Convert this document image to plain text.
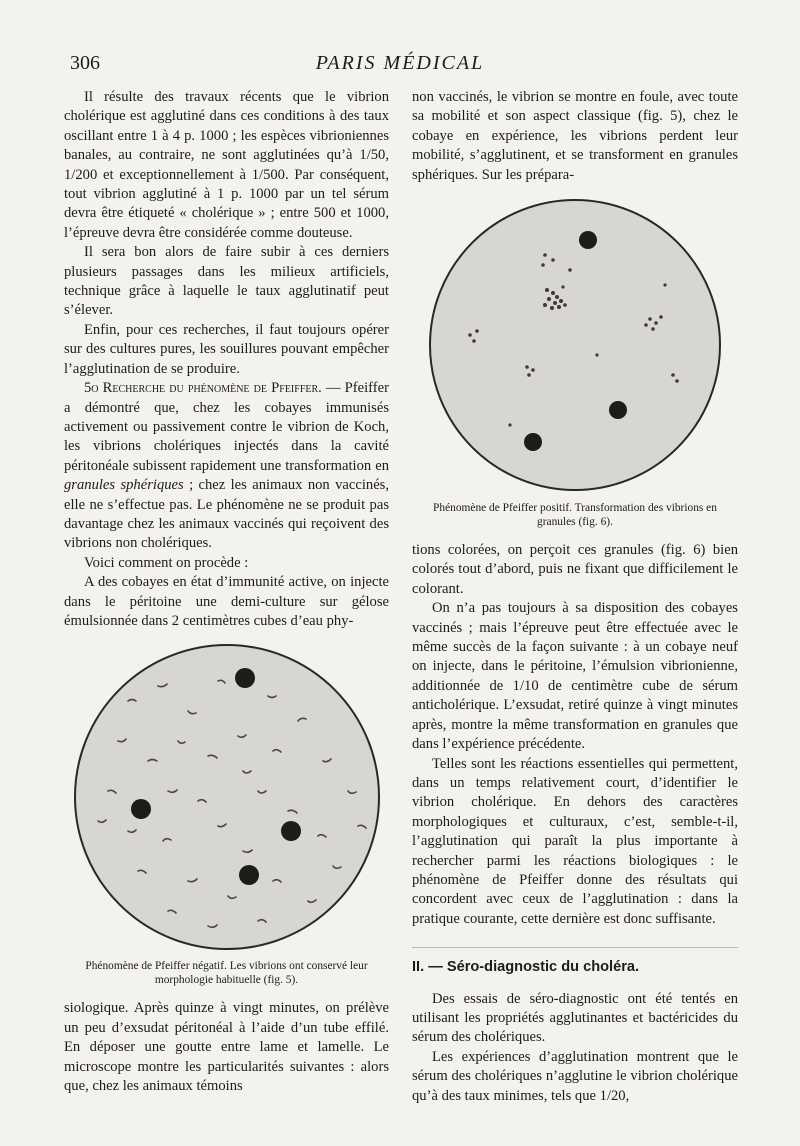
306	PARIS MÉDICAL

Il résulte des travaux récents que le vibrion cholérique est agglutiné dans ces conditions à des taux oscillant entre 1 à 4 p. 1000 ; les espèces vibrioniennes banales, au contraire, ne sont agglutinées qu’à 1/50, 1/200 et exceptionnellement à 1/500. Par conséquent, tout vibrion agglutiné à 1 p. 1000 par un tel sérum devra être étiqueté « cholérique » ; entre 500 et 1000, l’épreuve devra être considérée comme douteuse.

Il sera bon alors de faire subir à ces derniers plusieurs passages dans les milieux artificiels, technique grâce à laquelle le taux agglutinatif peut s’élever.

Enfin, pour ces recherches, il faut toujours opérer sur des cultures pures, les souillures pouvant empêcher l’agglutination de se produire.

5o Recherche du phénomène de Pfeiffer. — Pfeiffer a démontré que, chez les cobayes immunisés activement ou passivement contre le vibrion de Koch, les vibrions cholériques injectés dans la cavité péritonéale subissent rapidement une transformation en granules sphériques ; chez les animaux non vaccinés, elle ne s’effectue pas. Le phénomène ne se produit pas davantage chez les animaux vaccinés qui reçoivent des vibrions non cholériques.

Voici comment on procède :

A des cobayes en état d’immunité active, on injecte dans le péritoine une demi-culture sur gélose émulsionnée dans 2 centimètres cubes d’eau phy-

Phénomène de Pfeiffer négatif. Les vibrions ont conservé leur morphologie habituelle (fig. 5).

siologique. Après quinze à vingt minutes, on prélève un peu d’exsudat péritonéal à l’aide d’un tube effilé. En déposer une goutte entre lame et lamelle. Le microscope montre les particularités suivantes : alors que, chez les animaux témoins

non vaccinés, le vibrion se montre en foule, avec toute sa mobilité et son aspect classique (fig. 5), chez le cobaye en expérience, les vibrions perdent leur mobilité, s’agglutinent, et se transforment en granules sphériques. Sur les prépara-

Phénomène de Pfeiffer positif. Transformation des vibrions en granules (fig. 6).

tions colorées, on perçoit ces granules (fig. 6) bien colorés tout d’abord, puis ne fixant que difficilement le colorant.

On n’a pas toujours à sa disposition des cobayes vaccinés ; mais l’épreuve peut être effectuée avec le même succès de la façon suivante : à un cobaye neuf on injecte, dans le péritoine, l’émulsion vibrionienne, additionnée de 1/10 de centimètre cube de sérum anticholérique. L’exsudat, retiré quinze à vingt minutes après, montre la même transformation en granules que dans l’expérience précédente.

Telles sont les réactions essentielles qui permettent, dans un temps relativement court, d’identifier le vibrion cholérique. En dehors des caractères morphologiques et culturaux, c’est, semble-t-il, l’agglutination qui paraît la plus importante à rechercher parmi les réactions biologiques : le phénomène de Pfeiffer donne des résultats qui concordent avec ceux de l’agglutination : dans la pratique courante, cette dernière est donc suffisante.

II. — Séro-diagnostic du choléra.

Des essais de séro-diagnostic ont été tentés en utilisant les propriétés agglutinantes et bactéricides du sérum des cholériques.

Les expériences d’agglutination montrent que le sérum des cholériques n’agglutine le vibrion cholérique qu’à des taux minimes, tels que 1/20,
